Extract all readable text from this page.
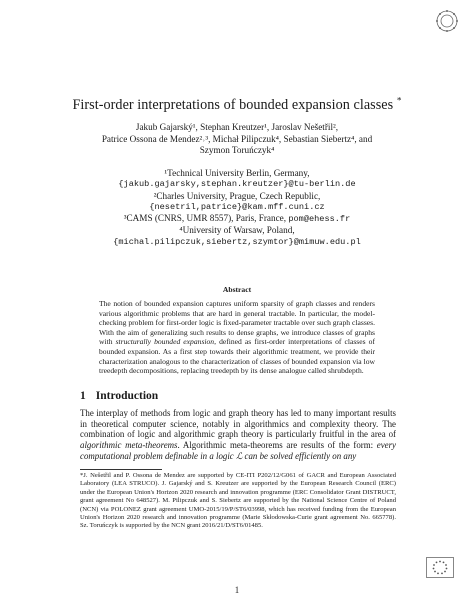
First-order interpretations of bounded expansion classes *
Jakub Gajarský¹, Stephan Kreutzer¹, Jaroslav Nešetřil²,
Patrice Ossona de Mendez²˒³, Michał Pilipczuk⁴, Sebastian Siebertz⁴, and
Szymon Toruńczyk⁴
¹Technical University Berlin, Germany,
{jakub.gajarsky,stephan.kreutzer}@tu-berlin.de
²Charles University, Prague, Czech Republic,
{nesetril,patrice}@kam.mff.cuni.cz
³CAMS (CNRS, UMR 8557), Paris, France, pom@ehess.fr
⁴University of Warsaw, Poland,
{michal.pilipczuk,siebertz,szymtor}@mimuw.edu.pl
Abstract
The notion of bounded expansion captures uniform sparsity of graph classes and renders various algorithmic problems that are hard in general tractable. In particular, the model-checking problem for first-order logic is fixed-parameter tractable over such graph classes. With the aim of generalizing such results to dense graphs, we introduce classes of graphs with structurally bounded expansion, defined as first-order interpretations of classes of bounded expansion. As a first step towards their algorithmic treatment, we provide their characterization analogous to the characterization of classes of bounded expansion via low treedepth decompositions, replacing treedepth by its dense analogue called shrubdepth.
1 Introduction
The interplay of methods from logic and graph theory has led to many important results in theoretical computer science, notably in algorithmics and complexity theory. The combination of logic and algorithmic graph theory is particularly fruitful in the area of algorithmic meta-theorems. Algorithmic meta-theorems are results of the form: every computational problem definable in a logic ℒ can be solved efficiently on any
*J. Nešetřil and P. Ossona de Mendez are supported by CE-ITI P202/12/G061 of GACR and European Associated Laboratory (LEA STRUCO). J. Gajarský and S. Kreutzer are supported by the European Research Council (ERC) under the European Union's Horizon 2020 research and innovation programme (ERC Consolidator Grant DISTRUCT, grant agreement No 648527). M. Pilipczuk and S. Siebertz are supported by the National Science Centre of Poland (NCN) via POLONEZ grant agreement UMO-2015/19/P/ST6/03998, which has received funding from the European Union's Horizon 2020 research and innovation programme (Marie Skłodowska-Curie grant agreement No. 665778). Sz. Toruńczyk is supported by the NCN grant 2016/21/D/ST6/01485.
1
